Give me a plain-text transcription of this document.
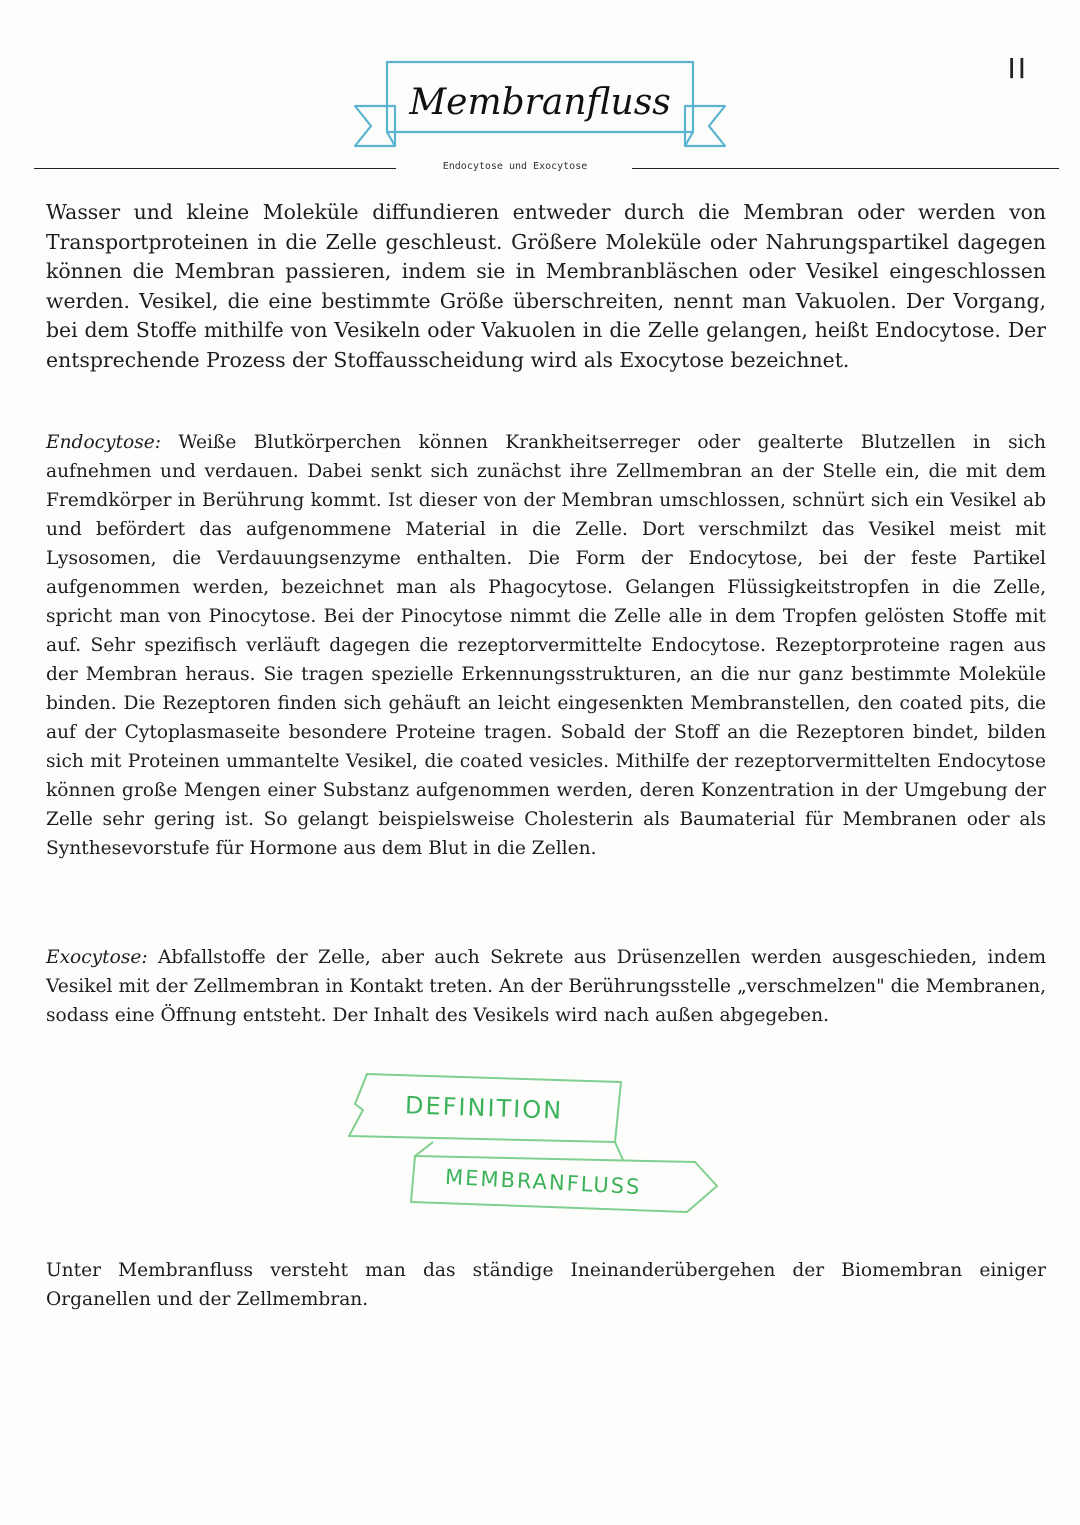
II
Membranfluss
Endocytose und Exocytose

Wasser und kleine Moleküle diffundieren entweder durch die Membran oder werden von Transportproteinen in die Zelle geschleust. Größere Moleküle oder Nahrungspartikel dagegen können die Membran passieren, indem sie in Membranbläschen oder Vesikel eingeschlossen werden. Vesikel, die eine bestimmte Größe überschreiten, nennt man Vakuolen. Der Vorgang, bei dem Stoffe mithilfe von Vesikeln oder Vakuolen in die Zelle gelangen, heißt Endocytose. Der entsprechende Prozess der Stoffausscheidung wird als Exocytose bezeichnet.

Endocytose: Weiße Blutkörperchen können Krankheitserreger oder gealterte Blutzellen in sich aufnehmen und verdauen. Dabei senkt sich zunächst ihre Zellmembran an der Stelle ein, die mit dem Fremdkörper in Berührung kommt. Ist dieser von der Membran umschlossen, schnürt sich ein Vesikel ab und befördert das aufgenommene Material in die Zelle. Dort verschmilzt das Vesikel meist mit Lysosomen, die Verdauungsenzyme enthalten. Die Form der Endocytose, bei der feste Partikel aufgenommen werden, bezeichnet man als Phagocytose. Gelangen Flüssigkeitstropfen in die Zelle, spricht man von Pinocytose. Bei der Pinocytose nimmt die Zelle alle in dem Tropfen gelösten Stoffe mit auf. Sehr spezifisch verläuft dagegen die rezeptorvermittelte Endocytose. Rezeptorproteine ragen aus der Membran heraus. Sie tragen spezielle Erkennungsstrukturen, an die nur ganz bestimmte Moleküle binden. Die Rezeptoren finden sich gehäuft an leicht eingesenkten Membranstellen, den coated pits, die auf der Cytoplasmaseite besondere Proteine tragen. Sobald der Stoff an die Rezeptoren bindet, bilden sich mit Proteinen ummantelte Vesikel, die coated vesicles. Mithilfe der rezeptorvermittelten Endocytose können große Mengen einer Substanz aufgenommen werden, deren Konzentration in der Umgebung der Zelle sehr gering ist. So gelangt beispielsweise Cholesterin als Baumaterial für Membranen oder als Synthesevorstufe für Hormone aus dem Blut in die Zellen.

Exocytose: Abfallstoffe der Zelle, aber auch Sekrete aus Drüsenzellen werden ausgeschieden, indem Vesikel mit der Zellmembran in Kontakt treten. An der Berührungsstelle „verschmelzen" die Membranen, sodass eine Öffnung entsteht. Der Inhalt des Vesikels wird nach außen abgegeben.

DEFINITION
MEMBRANFLUSS

Unter Membranfluss versteht man das ständige Ineinanderübergehen der Biomembran einiger Organellen und der Zellmembran.
